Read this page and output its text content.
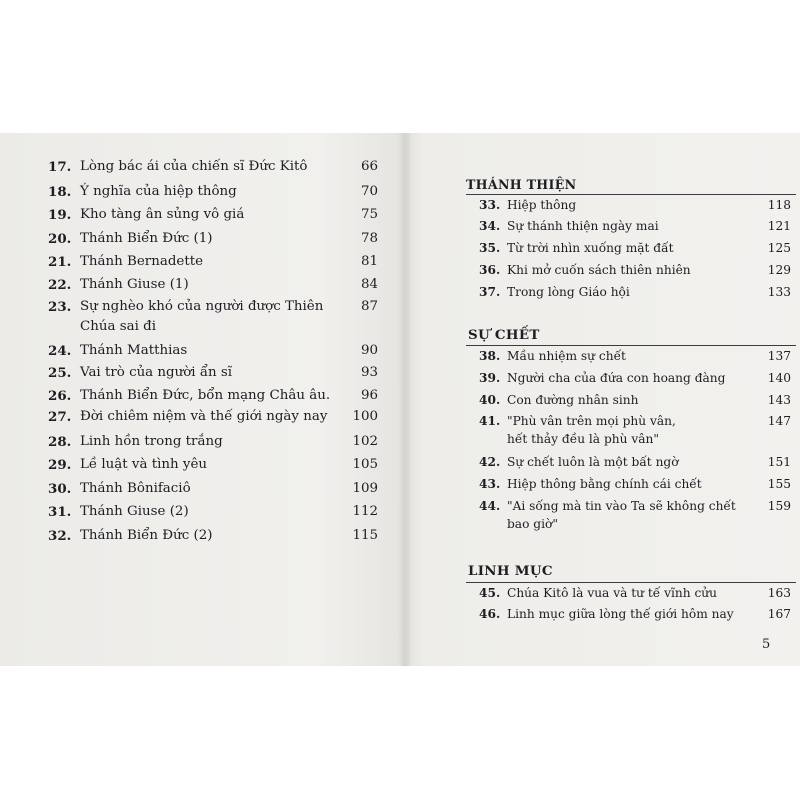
17. Lòng bác ái của chiến sĩ Đức Kitô	66
18. Ý nghĩa của hiệp thông	70
19. Kho tàng ân sủng vô giá	75
20. Thánh Biển Đức (1)	78
21. Thánh Bernadette	81
22. Thánh Giuse (1)	84
23. Sự nghèo khó của người được Thiên
Chúa sai đi
87
24. Thánh Matthias	90
25. Vai trò của người ẩn sĩ	93
26. Thánh Biển Đức, bổn mạng Châu âu.	96
27. Đời chiêm niệm và thế giới ngày nay	100
28. Linh hồn trong trắng	102
29. Lề luật và tình yêu	105
30. Thánh Bônifaciô	109
31. Thánh Giuse (2)	112
32. Thánh Biển Đức (2)	115
THÁNH THIỆN
33. Hiệp thông	118
34. Sự thánh thiện ngày mai	121
35. Từ trời nhìn xuống mặt đất	125
36. Khi mở cuốn sách thiên nhiên	129
37. Trong lòng Giáo hội	133
SỰ CHẾT
38. Mầu nhiệm sự chết	137
39. Người cha của đứa con hoang đàng	140
40. Con đường nhân sinh	143
41. "Phù vân trên mọi phù vân,
hết thảy đều là phù vân"
147
42. Sự chết luôn là một bất ngờ	151
43. Hiệp thông bằng chính cái chết	155
44. "Ai sống mà tin vào Ta sẽ không chết
bao giờ"
159
LINH MỤC
45. Chúa Kitô là vua và tư tế vĩnh cửu	163
46. Linh mục giữa lòng thế giới hôm nay	167
5
